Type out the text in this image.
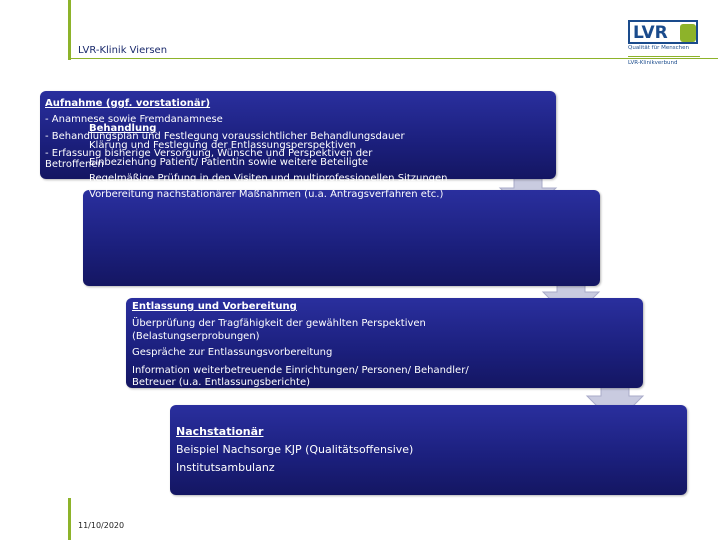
LVR-Klinik Viersen
LVR
Qualität für Menschen
LVR-Klinikverbund
Behandlung
Klärung und Festlegung der Entlassungsperspektiven
Einbeziehung Patient/ Patientin sowie weitere Beteiligte
Regelmäßige Prüfung in den Visiten und multiprofessionellen Sitzungen
Vorbereitung nachstationärer Maßnahmen (u.a. Antragsverfahren etc.)
Aufnahme (ggf. vorstationär)
- Anamnese sowie Fremdanamnese
- Behandlungsplan und Festlegung voraussichtlicher Behandlungsdauer
- Erfassung bisherige Versorgung, Wünsche und Perspektiven der
Betroffenen
Entlassung und Vorbereitung
Überprüfung der Tragfähigkeit der gewählten Perspektiven
(Belastungserprobungen)
Gespräche zur Entlassungsvorbereitung
Information weiterbetreuende Einrichtungen/ Personen/ Behandler/
Betreuer (u.a. Entlassungsberichte)
Nachstationär
Beispiel Nachsorge KJP (Qualitätsoffensive)
Institutsambulanz
11/10/2020
